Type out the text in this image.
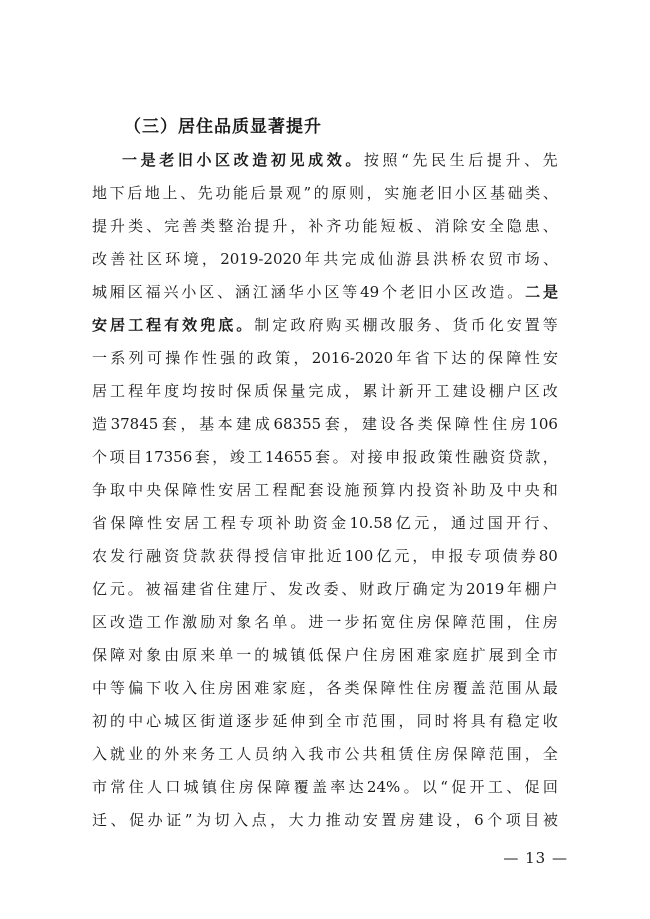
（三）居住品质显著提升
一 是 老 旧 小 区 改 造 初 见 成 效 。 按 照 “ 先 民 生 后 提 升 、 先
地 下 后 地 上 、 先 功 能 后 景 观 ” 的 原 则 ， 实 施 老 旧 小 区 基 础 类 、
提 升 类 、 完 善 类 整 治 提 升 ， 补 齐 功 能 短 板 、 消 除 安 全 隐 患 、
改 善 社 区 环 境 ， 2019-2020 年 共 完 成 仙 游 县 洪 桥 农 贸 市 场 、
城 厢 区 福 兴 小 区 、 涵 江 涵 华 小 区 等 49 个 老 旧 小 区 改 造 。 二 是
安 居 工 程 有 效 兜 底 。 制 定 政 府 购 买 棚 改 服 务 、 货 币 化 安 置 等
一 系 列 可 操 作 性 强 的 政 策 ， 2016-2020 年 省 下 达 的 保 障 性 安
居 工 程 年 度 均 按 时 保 质 保 量 完 成 ， 累 计 新 开 工 建 设 棚 户 区 改
造 37845 套 ， 基 本 建 成 68355 套 ， 建 设 各 类 保 障 性 住 房 106
个 项 目 17356 套 ， 竣 工 14655 套 。 对 接 申 报 政 策 性 融 资 贷 款 ，
争 取 中 央 保 障 性 安 居 工 程 配 套 设 施 预 算 内 投 资 补 助 及 中 央 和
省 保 障 性 安 居 工 程 专 项 补 助 资 金 10.58 亿 元 ， 通 过 国 开 行 、
农 发 行 融 资 贷 款 获 得 授 信 审 批 近 100 亿 元 ， 申 报 专 项 债 券 80
亿 元 。 被 福 建 省 住 建 厅 、 发 改 委 、 财 政 厅 确 定 为 2019 年 棚 户
区 改 造 工 作 激 励 对 象 名 单 。 进 一 步 拓 宽 住 房 保 障 范 围 ， 住 房
保 障 对 象 由 原 来 单 一 的 城 镇 低 保 户 住 房 困 难 家 庭 扩 展 到 全 市
中 等 偏 下 收 入 住 房 困 难 家 庭 ， 各 类 保 障 性 住 房 覆 盖 范 围 从 最
初 的 中 心 城 区 街 道 逐 步 延 伸 到 全 市 范 围 ， 同 时 将 具 有 稳 定 收
入 就 业 的 外 来 务 工 人 员 纳 入 我 市 公 共 租 赁 住 房 保 障 范 围 ， 全
市 常 住 人 口 城 镇 住 房 保 障 覆 盖 率 达 24% 。 以 “ 促 开 工 、 促 回
迁 、 促 办 证 ” 为 切 入 点 ， 大 力 推 动 安 置 房 建 设 ， 6 个 项 目 被
— 13 —
